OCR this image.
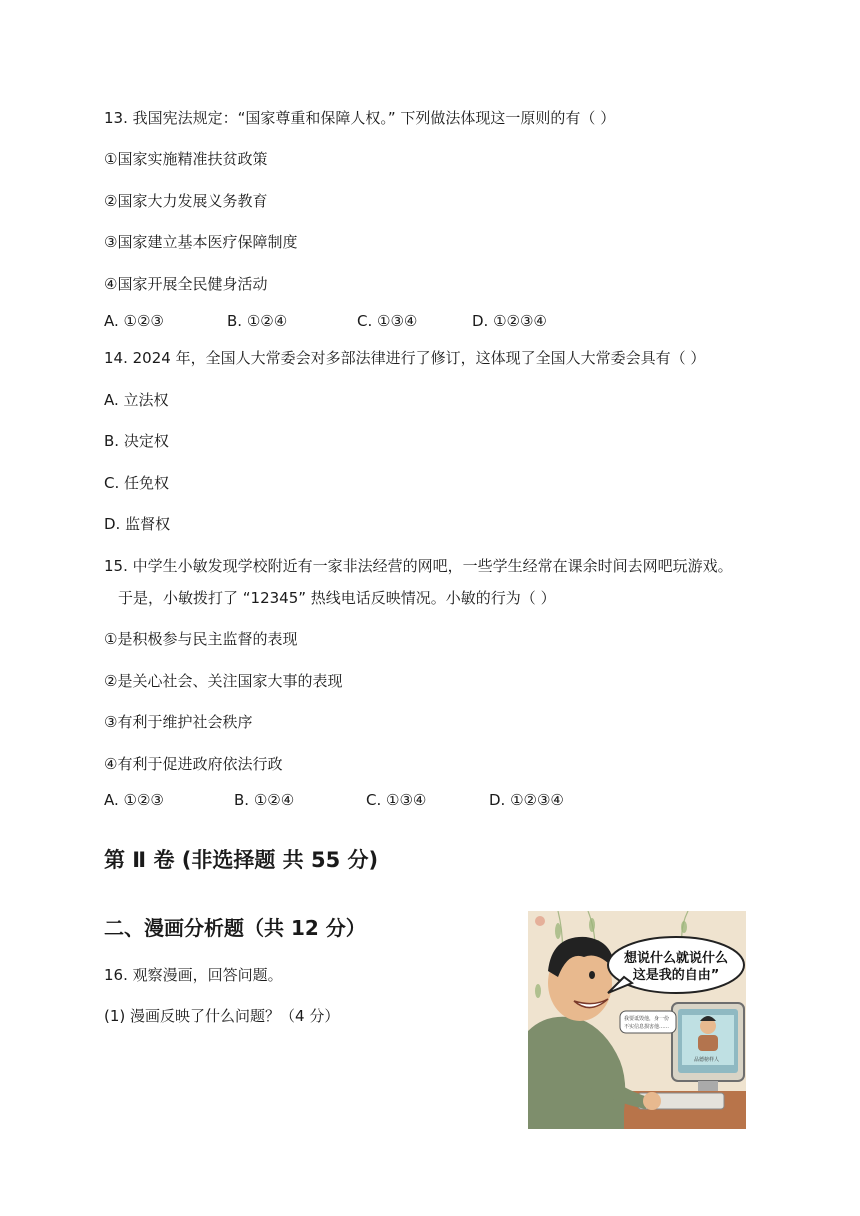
13. 我国宪法规定：“国家尊重和保障人权。” 下列做法体现这一原则的有（ ）
①国家实施精准扶贫政策
②国家大力发展义务教育
③国家建立基本医疗保障制度
④国家开展全民健身活动
A. ①②③	B. ①②④	C. ①③④	D. ①②③④
14. 2024 年，全国人大常委会对多部法律进行了修订，这体现了全国人大常委会具有（ ）
A. 立法权
B. 决定权
C. 任免权
D. 监督权
15. 中学生小敏发现学校附近有一家非法经营的网吧，一些学生经常在课余时间去网吧玩游戏。
于是，小敏拨打了 “12345” 热线电话反映情况。小敏的行为（ ）
①是积极参与民主监督的表现
②是关心社会、关注国家大事的表现
③有利于维护社会秩序
④有利于促进政府依法行政
A. ①②③	B. ①②④	C. ①③④	D. ①②③④
第 Ⅱ 卷 (非选择题 共 55 分)
二、漫画分析题（共 12 分）
16. 观察漫画，回答问题。
(1) 漫画反映了什么问题？（4 分）	我要诋毁他，身一份
不实信息损害他……
品德榜样人
想说什么就说什么
这是我的自由”
